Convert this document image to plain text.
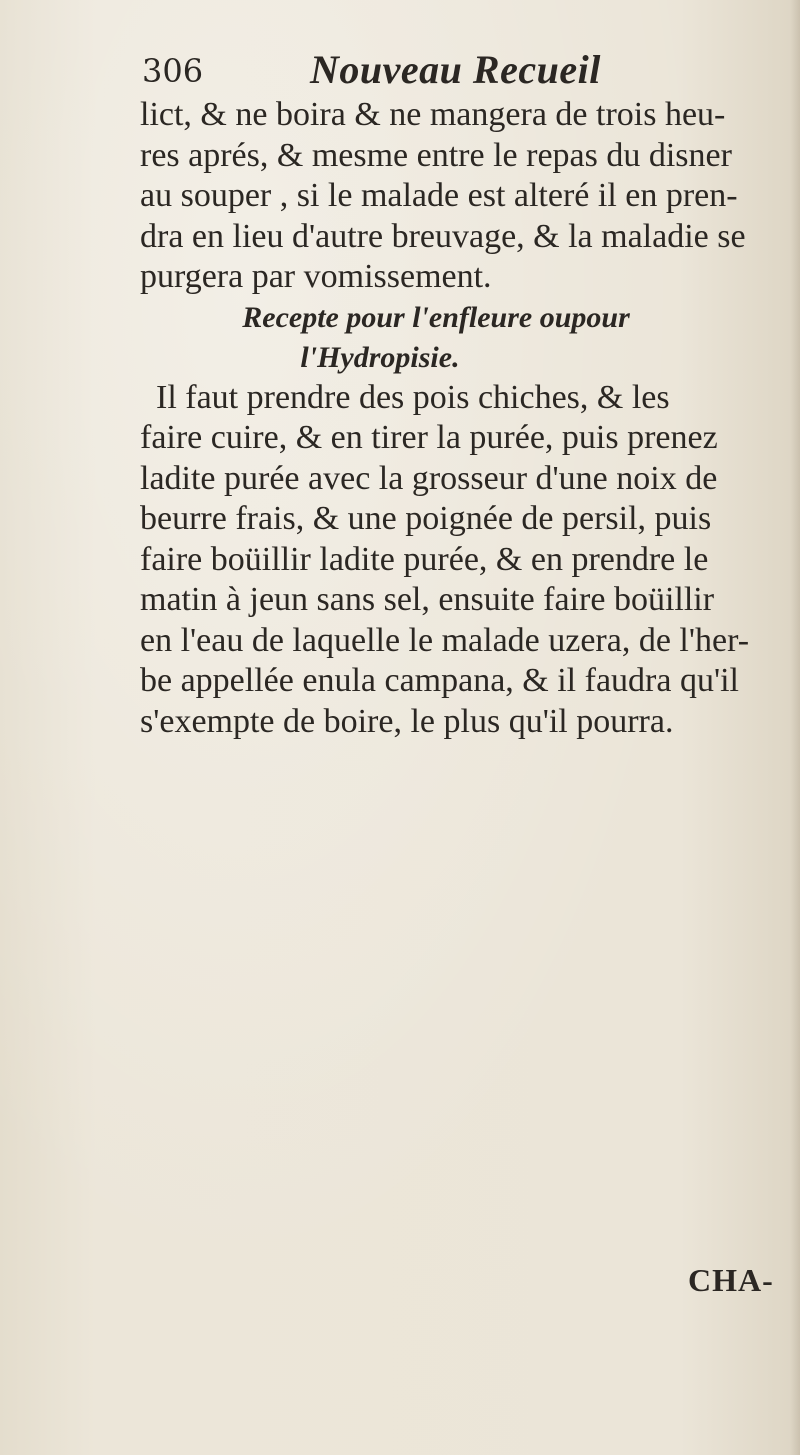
306	Nouveau Recueil
lict, & ne boira & ne mangera de trois heu-
res aprés, & mesme entre le repas du disner
au souper , si le malade est alteré il en pren-
dra en lieu d'autre breuvage, & la maladie se
purgera par vomissement.
Recepte pour l'enfleure oupour
l'Hydropisie.
Il faut prendre des pois chiches, & les
faire cuire, & en tirer la purée, puis prenez
ladite purée avec la grosseur d'une noix de
beurre frais, & une poignée de persil, puis
faire boüillir ladite purée, & en prendre le
matin à jeun sans sel, ensuite faire boüillir
en l'eau de laquelle le malade uzera, de l'her-
be appellée enula campana, & il faudra qu'il
s'exempte de boire, le plus qu'il pourra.
CHA-
